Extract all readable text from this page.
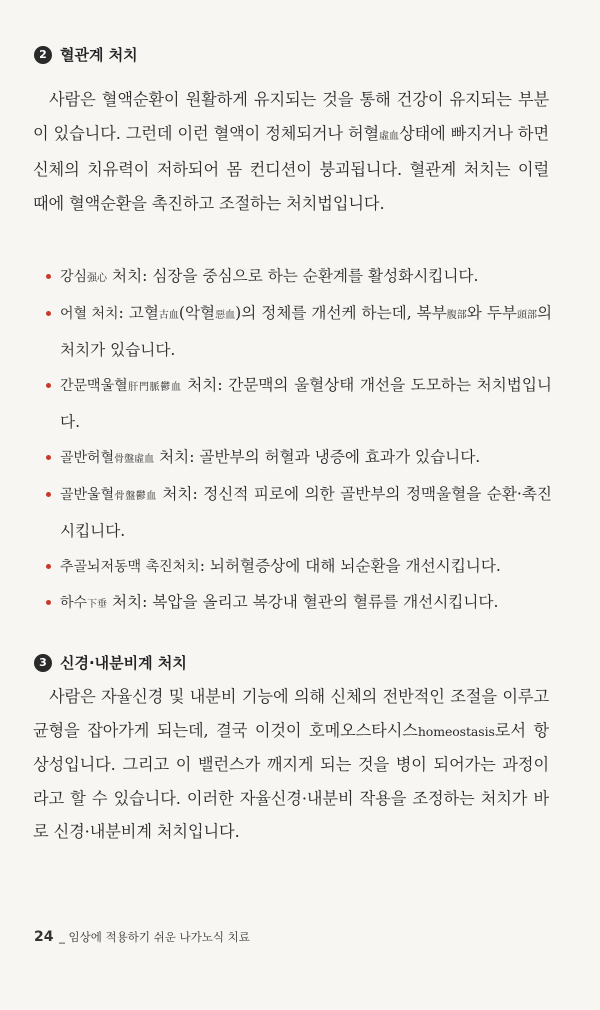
2 혈관계 처치

사람은 혈액순환이 원활하게 유지되는 것을 통해 건강이 유지되는 부분이 있습니다. 그런데 이런 혈액이 정체되거나 허혈虛血상태에 빠지거나 하면 신체의 치유력이 저하되어 몸 컨디션이 붕괴됩니다. 혈관계 처치는 이럴 때에 혈액순환을 촉진하고 조절하는 처치법입니다.

강심强心 처치: 심장을 중심으로 하는 순환계를 활성화시킵니다.
어혈 처치: 고혈古血(악혈惡血)의 정체를 개선케 하는데, 복부腹部와 두부頭部의 처치가 있습니다.
간문맥울혈肝門脈鬱血 처치: 간문맥의 울혈상태 개선을 도모하는 처치법입니다.
골반허혈骨盤虛血 처치: 골반부의 허혈과 냉증에 효과가 있습니다.
골반울혈骨盤鬱血 처치: 정신적 피로에 의한 골반부의 정맥울혈을 순환·촉진시킵니다.
추골뇌저동맥 촉진처치: 뇌허혈증상에 대해 뇌순환을 개선시킵니다.
하수下垂 처치: 복압을 올리고 복강내 혈관의 혈류를 개선시킵니다.
3 신경·내분비계 처치

사람은 자율신경 및 내분비 기능에 의해 신체의 전반적인 조절을 이루고 균형을 잡아가게 되는데, 결국 이것이 호메오스타시스homeostasis로서 항상성입니다. 그리고 이 밸런스가 깨지게 되는 것을 병이 되어가는 과정이라고 할 수 있습니다. 이러한 자율신경·내분비 작용을 조정하는 처치가 바로 신경·내분비계 처치입니다.

24 _ 임상에 적용하기 쉬운 나가노식 치료
